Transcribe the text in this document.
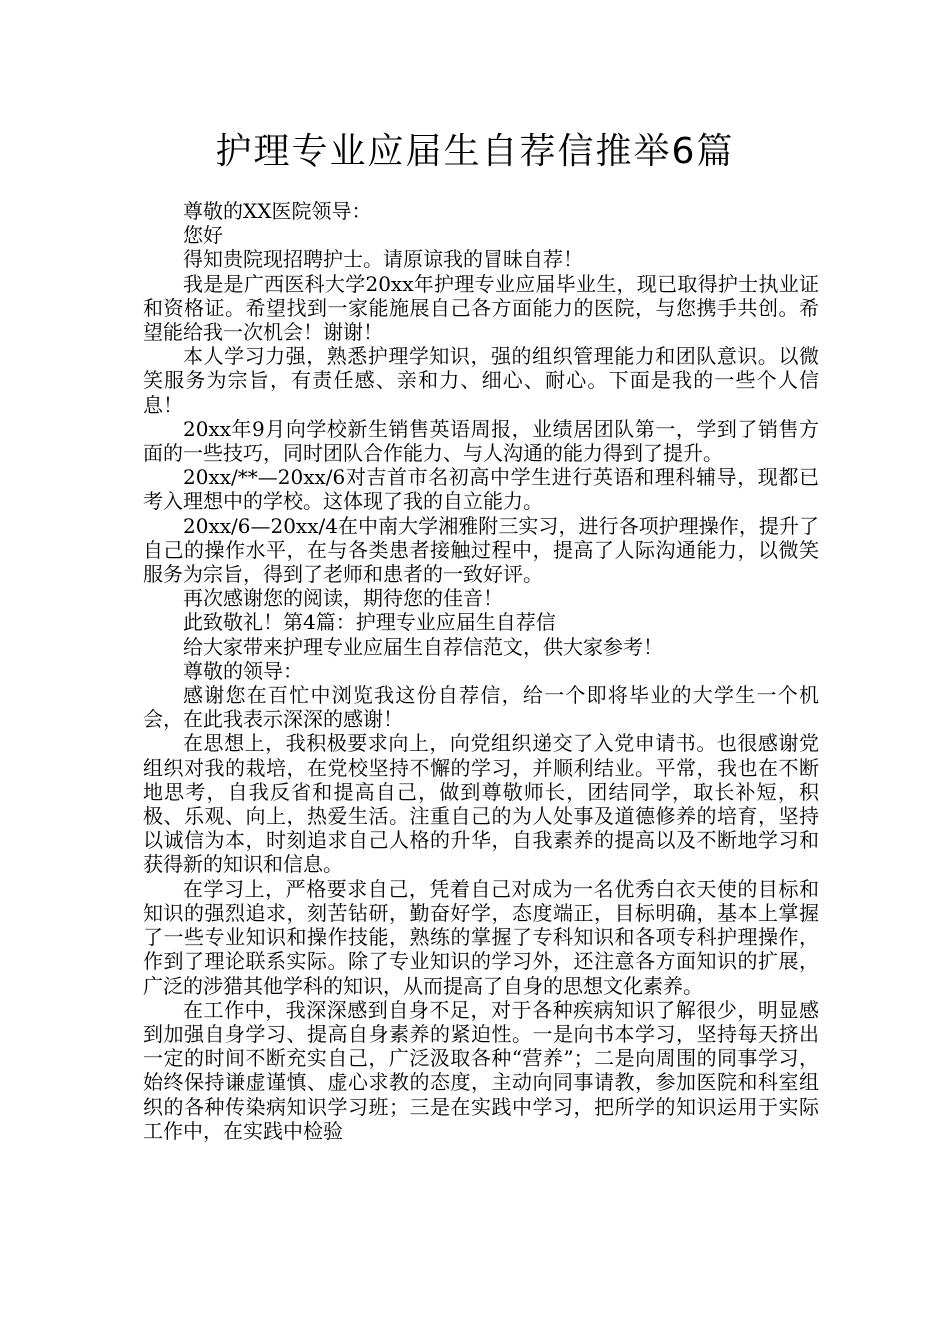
护理专业应届生自荐信推举6篇

尊敬的XX医院领导：

您好

得知贵院现招聘护士。请原谅我的冒昧自荐！

我是是广西医科大学20xx年护理专业应届毕业生，现已取得护士执业证和资格证。希望找到一家能施展自己各方面能力的医院，与您携手共创。希望能给我一次机会！谢谢！

本人学习力强，熟悉护理学知识，强的组织管理能力和团队意识。以微笑服务为宗旨，有责任感、亲和力、细心、耐心。下面是我的一些个人信息！

20xx年9月向学校新生销售英语周报，业绩居团队第一，学到了销售方面的一些技巧，同时团队合作能力、与人沟通的能力得到了提升。

20xx/**—20xx/6对吉首市名初高中学生进行英语和理科辅导，现都已考入理想中的学校。这体现了我的自立能力。

20xx/6—20xx/4在中南大学湘雅附三实习，进行各项护理操作，提升了自己的操作水平，在与各类患者接触过程中，提高了人际沟通能力，以微笑服务为宗旨，得到了老师和患者的一致好评。

再次感谢您的阅读，期待您的佳音！

此致敬礼！第4篇：护理专业应届生自荐信

给大家带来护理专业应届生自荐信范文，供大家参考！

尊敬的领导：

感谢您在百忙中浏览我这份自荐信，给一个即将毕业的大学生一个机会，在此我表示深深的感谢！

在思想上，我积极要求向上，向党组织递交了入党申请书。也很感谢党组织对我的栽培，在党校坚持不懈的学习，并顺利结业。平常，我也在不断地思考，自我反省和提高自己，做到尊敬师长，团结同学，取长补短，积极、乐观、向上，热爱生活。注重自己的为人处事及道德修养的培育，坚持以诚信为本，时刻追求自己人格的升华，自我素养的提高以及不断地学习和获得新的知识和信息。

在学习上，严格要求自己，凭着自己对成为一名优秀白衣天使的目标和知识的强烈追求，刻苦钻研，勤奋好学，态度端正，目标明确，基本上掌握了一些专业知识和操作技能，熟练的掌握了专科知识和各项专科护理操作，作到了理论联系实际。除了专业知识的学习外，还注意各方面知识的扩展，广泛的涉猎其他学科的知识，从而提高了自身的思想文化素养。

在工作中，我深深感到自身不足，对于各种疾病知识了解很少，明显感到加强自身学习、提高自身素养的紧迫性。一是向书本学习，坚持每天挤出一定的时间不断充实自己，广泛汲取各种“营养”；二是向周围的同事学习，始终保持谦虚谨慎、虚心求教的态度，主动向同事请教，参加医院和科室组织的各种传染病知识学习班；三是在实践中学习，把所学的知识运用于实际工作中，在实践中检验
